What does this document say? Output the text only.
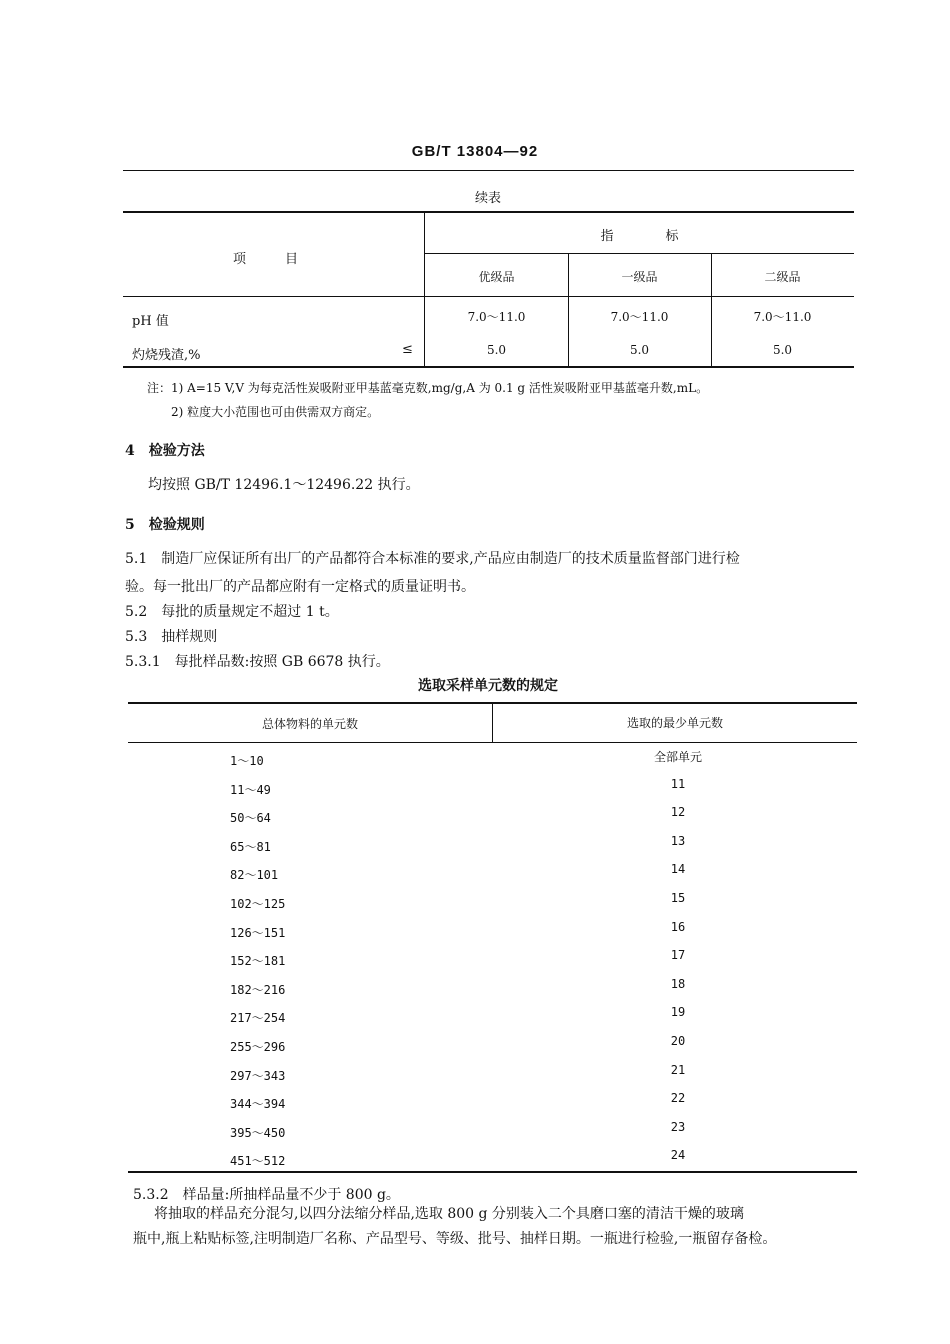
GB/T 13804—92
续表
项　　　目
指　　　　标
优级品	一级品	二级品
pH 值	7.0～11.0	7.0～11.0	7.0～11.0
灼烧残渣,%	≤	5.0	5.0	5.0
注：1) A=15 V,V 为每克活性炭吸附亚甲基蓝毫克数,mg/g,A 为 0.1 g 活性炭吸附亚甲基蓝毫升数,mL。
2) 粒度大小范围也可由供需双方商定。
4　检验方法
均按照 GB/T 12496.1～12496.22 执行。
5　检验规则
5.1　制造厂应保证所有出厂的产品都符合本标准的要求,产品应由制造厂的技术质量监督部门进行检
验。每一批出厂的产品都应附有一定格式的质量证明书。
5.2　每批的质量规定不超过 1 t。
5.3　抽样规则
5.3.1　每批样品数:按照 GB 6678 执行。
选取采样单元数的规定
总体物料的单元数	选取的最少单元数
1～10	全部单元
11～49	11
50～64	12
65～81	13
82～101	14
102～125	15
126～151	16
152～181	17
182～216	18
217～254	19
255～296	20
297～343	21
344～394	22
395～450	23
451～512	24
5.3.2　样品量:所抽样品量不少于 800 g。
将抽取的样品充分混匀,以四分法缩分样品,选取 800 g 分别装入二个具磨口塞的清洁干燥的玻璃
瓶中,瓶上粘贴标签,注明制造厂名称、产品型号、等级、批号、抽样日期。一瓶进行检验,一瓶留存备检。
